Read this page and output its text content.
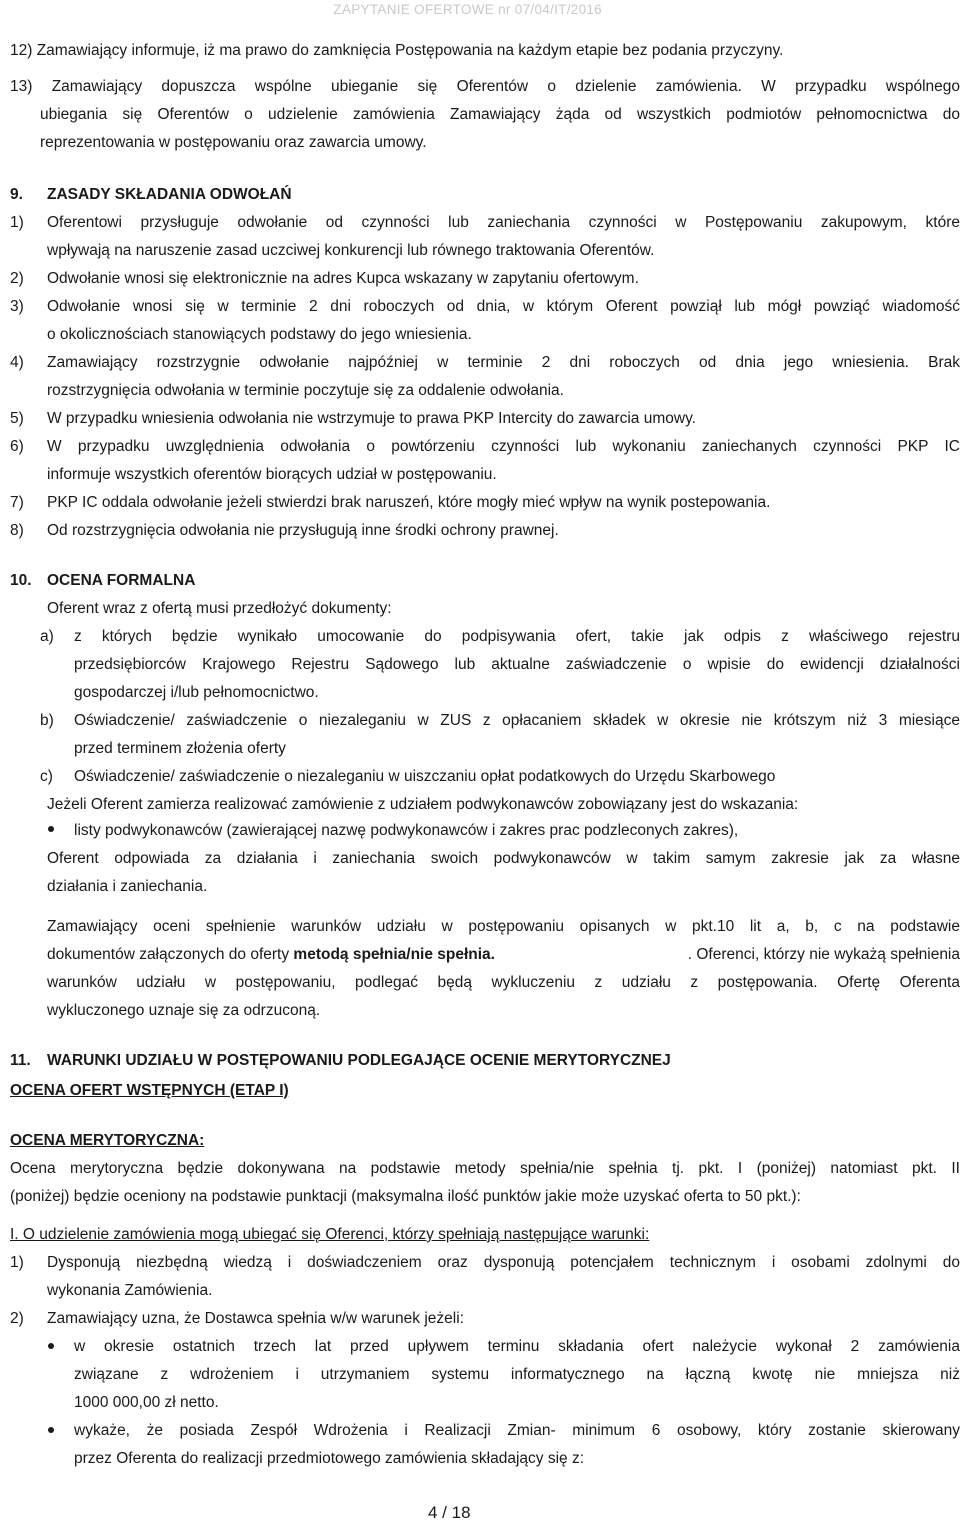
ZAPYTANIE OFERTOWE nr 07/04/IT/2016
12) Zamawiający informuje, iż ma prawo do zamknięcia Postępowania na każdym etapie bez podania przyczyny.
13) Zamawiający dopuszcza wspólne ubieganie się Oferentów o dzielenie zamówienia. W przypadku wspólnego
ubiegania się Oferentów o udzielenie zamówienia Zamawiający żąda od wszystkich podmiotów pełnomocnictwa do
reprezentowania w postępowaniu oraz zawarcia umowy.
9. ZASADY SKŁADANIA ODWOŁAŃ
1) Oferentowi przysługuje odwołanie od czynności lub zaniechania czynności w Postępowaniu zakupowym, które
wpływają na naruszenie zasad uczciwej konkurencji lub równego traktowania Oferentów.
2) Odwołanie wnosi się elektronicznie na adres Kupca wskazany w zapytaniu ofertowym.
3) Odwołanie wnosi się w terminie 2 dni roboczych od dnia, w którym Oferent powziął lub mógł powziąć wiadomość
o okolicznościach stanowiących podstawy do jego wniesienia.
4) Zamawiający rozstrzygnie odwołanie najpóźniej w terminie 2 dni roboczych od dnia jego wniesienia. Brak
rozstrzygnięcia odwołania w terminie poczytuje się za oddalenie odwołania.
5) W przypadku wniesienia odwołania nie wstrzymuje to prawa PKP Intercity do zawarcia umowy.
6) W przypadku uwzględnienia odwołania o powtórzeniu czynności lub wykonaniu zaniechanych czynności PKP IC
informuje wszystkich oferentów biorących udział w postępowaniu.
7) PKP IC oddala odwołanie jeżeli stwierdzi brak naruszeń, które mogły mieć wpływ na wynik postepowania.
8) Od rozstrzygnięcia odwołania nie przysługują inne środki ochrony prawnej.
10. OCENA FORMALNA
Oferent wraz z ofertą musi przedłożyć dokumenty:
a) z których będzie wynikało umocowanie do podpisywania ofert, takie jak odpis z właściwego rejestru
przedsiębiorców Krajowego Rejestru Sądowego lub aktualne zaświadczenie o wpisie do ewidencji działalności
gospodarczej i/lub pełnomocnictwo.
b) Oświadczenie/ zaświadczenie o niezaleganiu w ZUS z opłacaniem składek w okresie nie krótszym niż 3 miesiące
przed terminem złożenia oferty
c) Oświadczenie/ zaświadczenie o niezaleganiu w uiszczaniu opłat podatkowych do Urzędu Skarbowego
Jeżeli Oferent zamierza realizować zamówienie z udziałem podwykonawców zobowiązany jest do wskazania:
listy podwykonawców (zawierającej nazwę podwykonawców i zakres prac podzleconych zakres),
Oferent odpowiada za działania i zaniechania swoich podwykonawców w takim samym zakresie jak za własne
działania i zaniechania.
Zamawiający oceni spełnienie warunków udziału w postępowaniu opisanych w pkt.10 lit a, b, c na podstawie
dokumentów załączonych do oferty metodą spełnia/nie spełnia.	. Oferenci, którzy nie wykażą spełnienia
warunków udziału w postępowaniu, podlegać będą wykluczeniu z udziału z postępowania. Ofertę Oferenta
wykluczonego uznaje się za odrzuconą.
11. WARUNKI UDZIAŁU W POSTĘPOWANIU PODLEGAJĄCE OCENIE MERYTORYCZNEJ
OCENA OFERT WSTĘPNYCH (ETAP I)
OCENA MERYTORYCZNA:
Ocena merytoryczna będzie dokonywana na podstawie metody spełnia/nie spełnia tj. pkt. I (poniżej) natomiast pkt. II
(poniżej) będzie oceniony na podstawie punktacji (maksymalna ilość punktów jakie może uzyskać oferta to 50 pkt.):
I. O udzielenie zamówienia mogą ubiegać się Oferenci, którzy spełniają następujące warunki:
1) Dysponują niezbędną wiedzą i doświadczeniem oraz dysponują potencjałem technicznym i osobami zdolnymi do
wykonania Zamówienia.
2) Zamawiający uzna, że Dostawca spełnia w/w warunek jeżeli:
w okresie ostatnich trzech lat przed upływem terminu składania ofert należycie wykonał 2 zamówienia
związane z wdrożeniem i utrzymaniem systemu informatycznego na łączną kwotę nie mniejsza niż
1000 000,00 zł netto.
wykaże, że posiada Zespół Wdrożenia i Realizacji Zmian- minimum 6 osobowy, który zostanie skierowany
przez Oferenta do realizacji przedmiotowego zamówienia składający się z:
4 / 18
